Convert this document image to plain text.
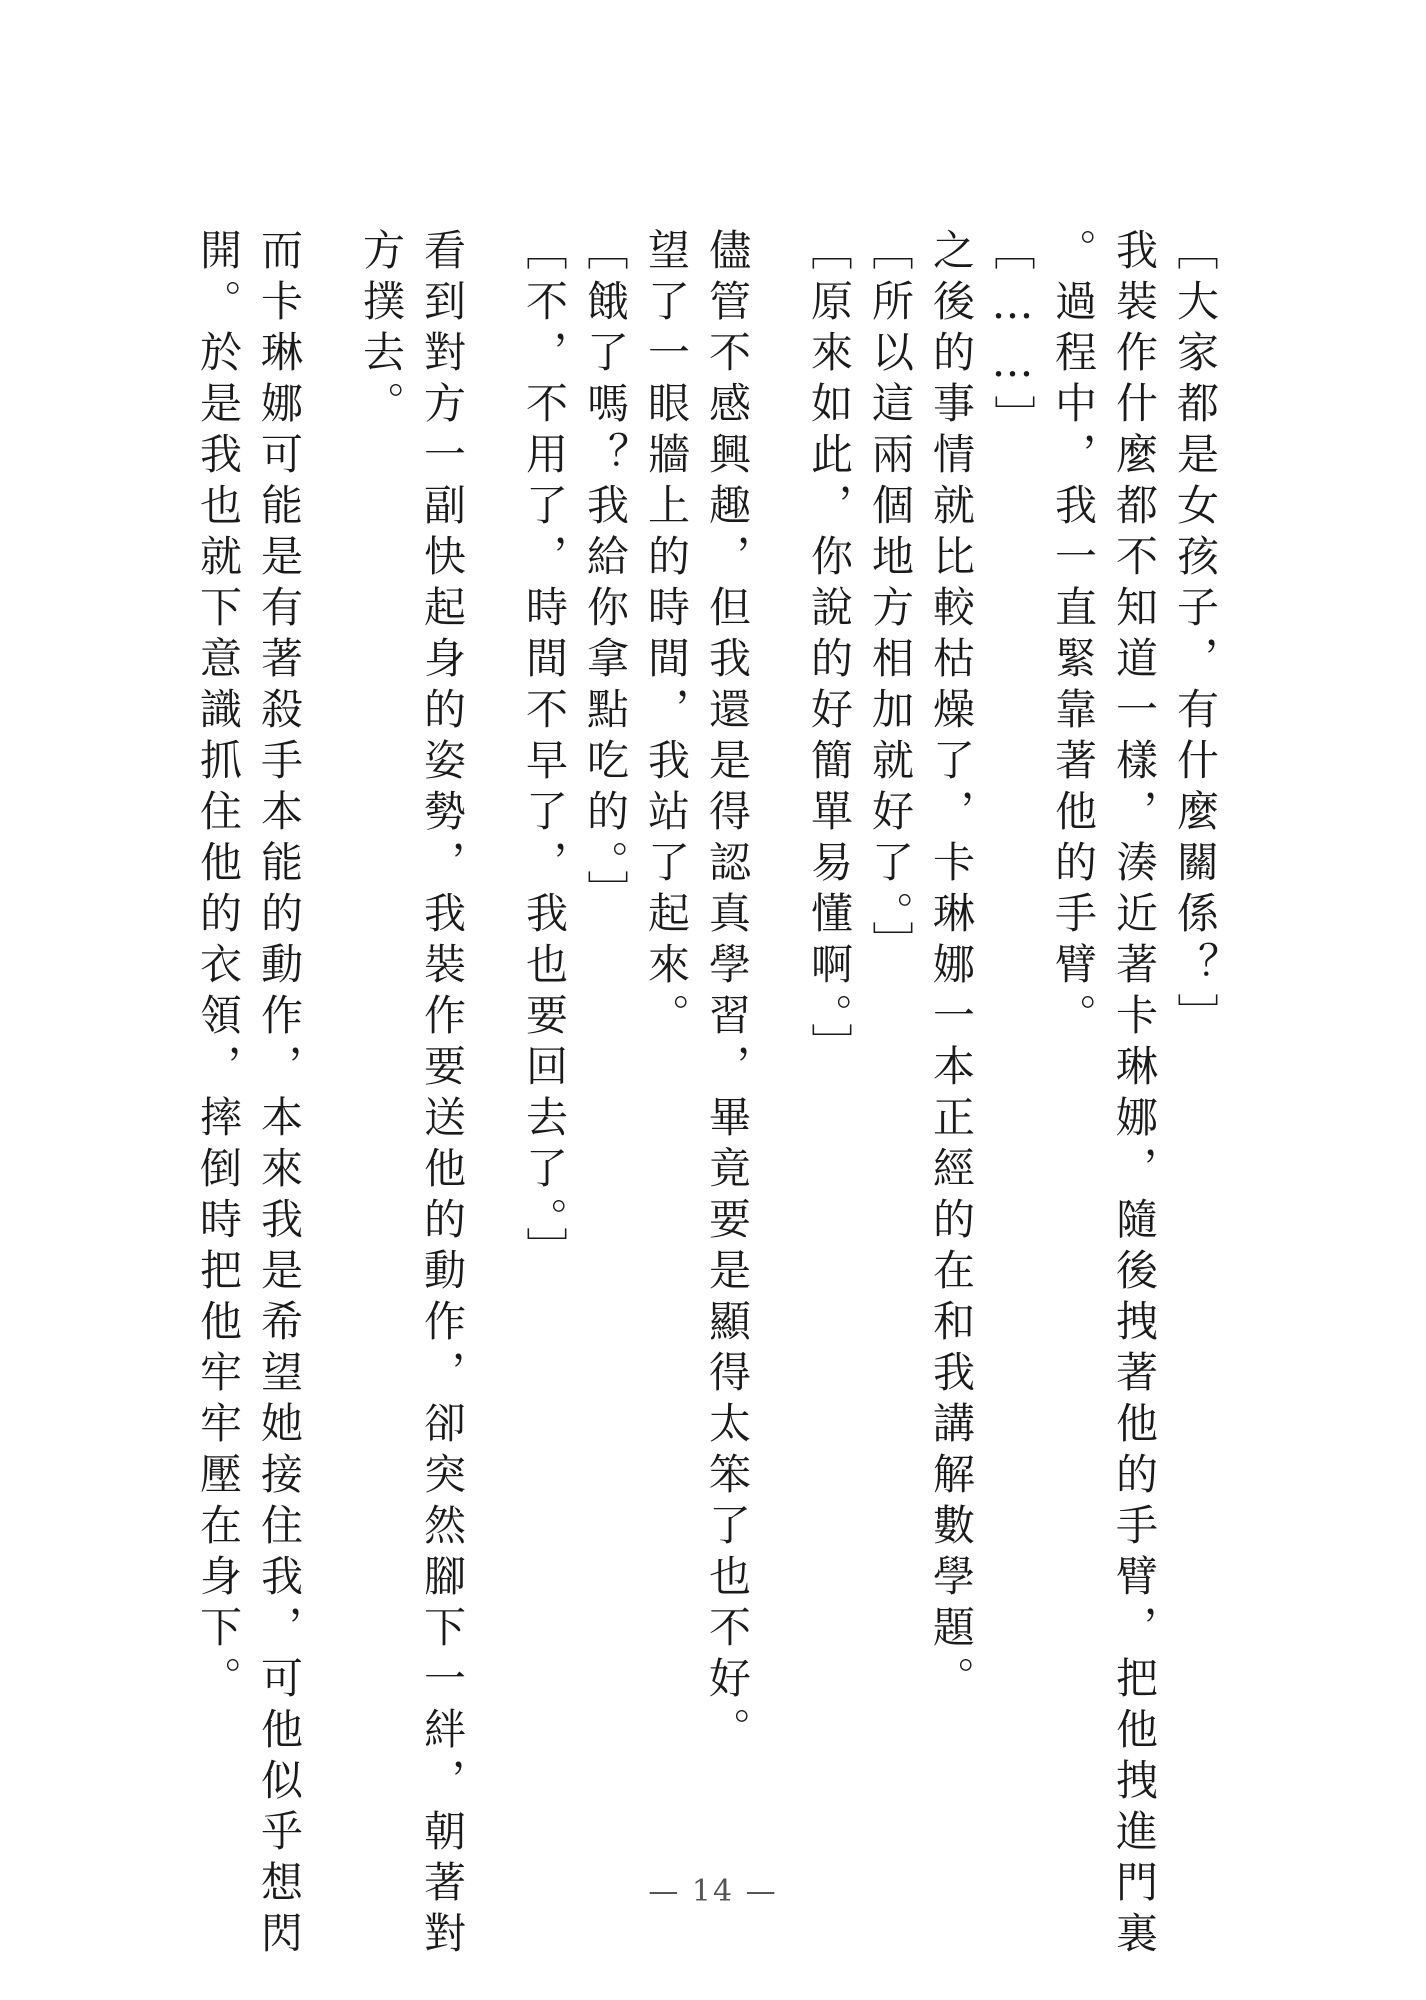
［大家都是女孩子，有什麼關係？］

我裝作什麼都不知道一樣，湊近著卡琳娜，隨後拽著他的手臂，把他拽進門裏

。過程中，我一直緊靠著他的手臂。

［……］

之後的事情就比較枯燥了，卡琳娜一本正經的在和我講解數學題。

［所以這兩個地方相加就好了。］

［原來如此，你說的好簡單易懂啊。］

儘管不感興趣，但我還是得認真學習，畢竟要是顯得太笨了也不好。

望了一眼牆上的時間，我站了起來。

［餓了嗎？我給你拿點吃的。］

［不，不用了，時間不早了，我也要回去了。］

看到對方一副快起身的姿勢，我裝作要送他的動作，卻突然腳下一絆，朝著對

方撲去。

而卡琳娜可能是有著殺手本能的動作，本來我是希望她接住我，可他似乎想閃

開。於是我也就下意識抓住他的衣領，摔倒時把他牢牢壓在身下。

— 14 —
